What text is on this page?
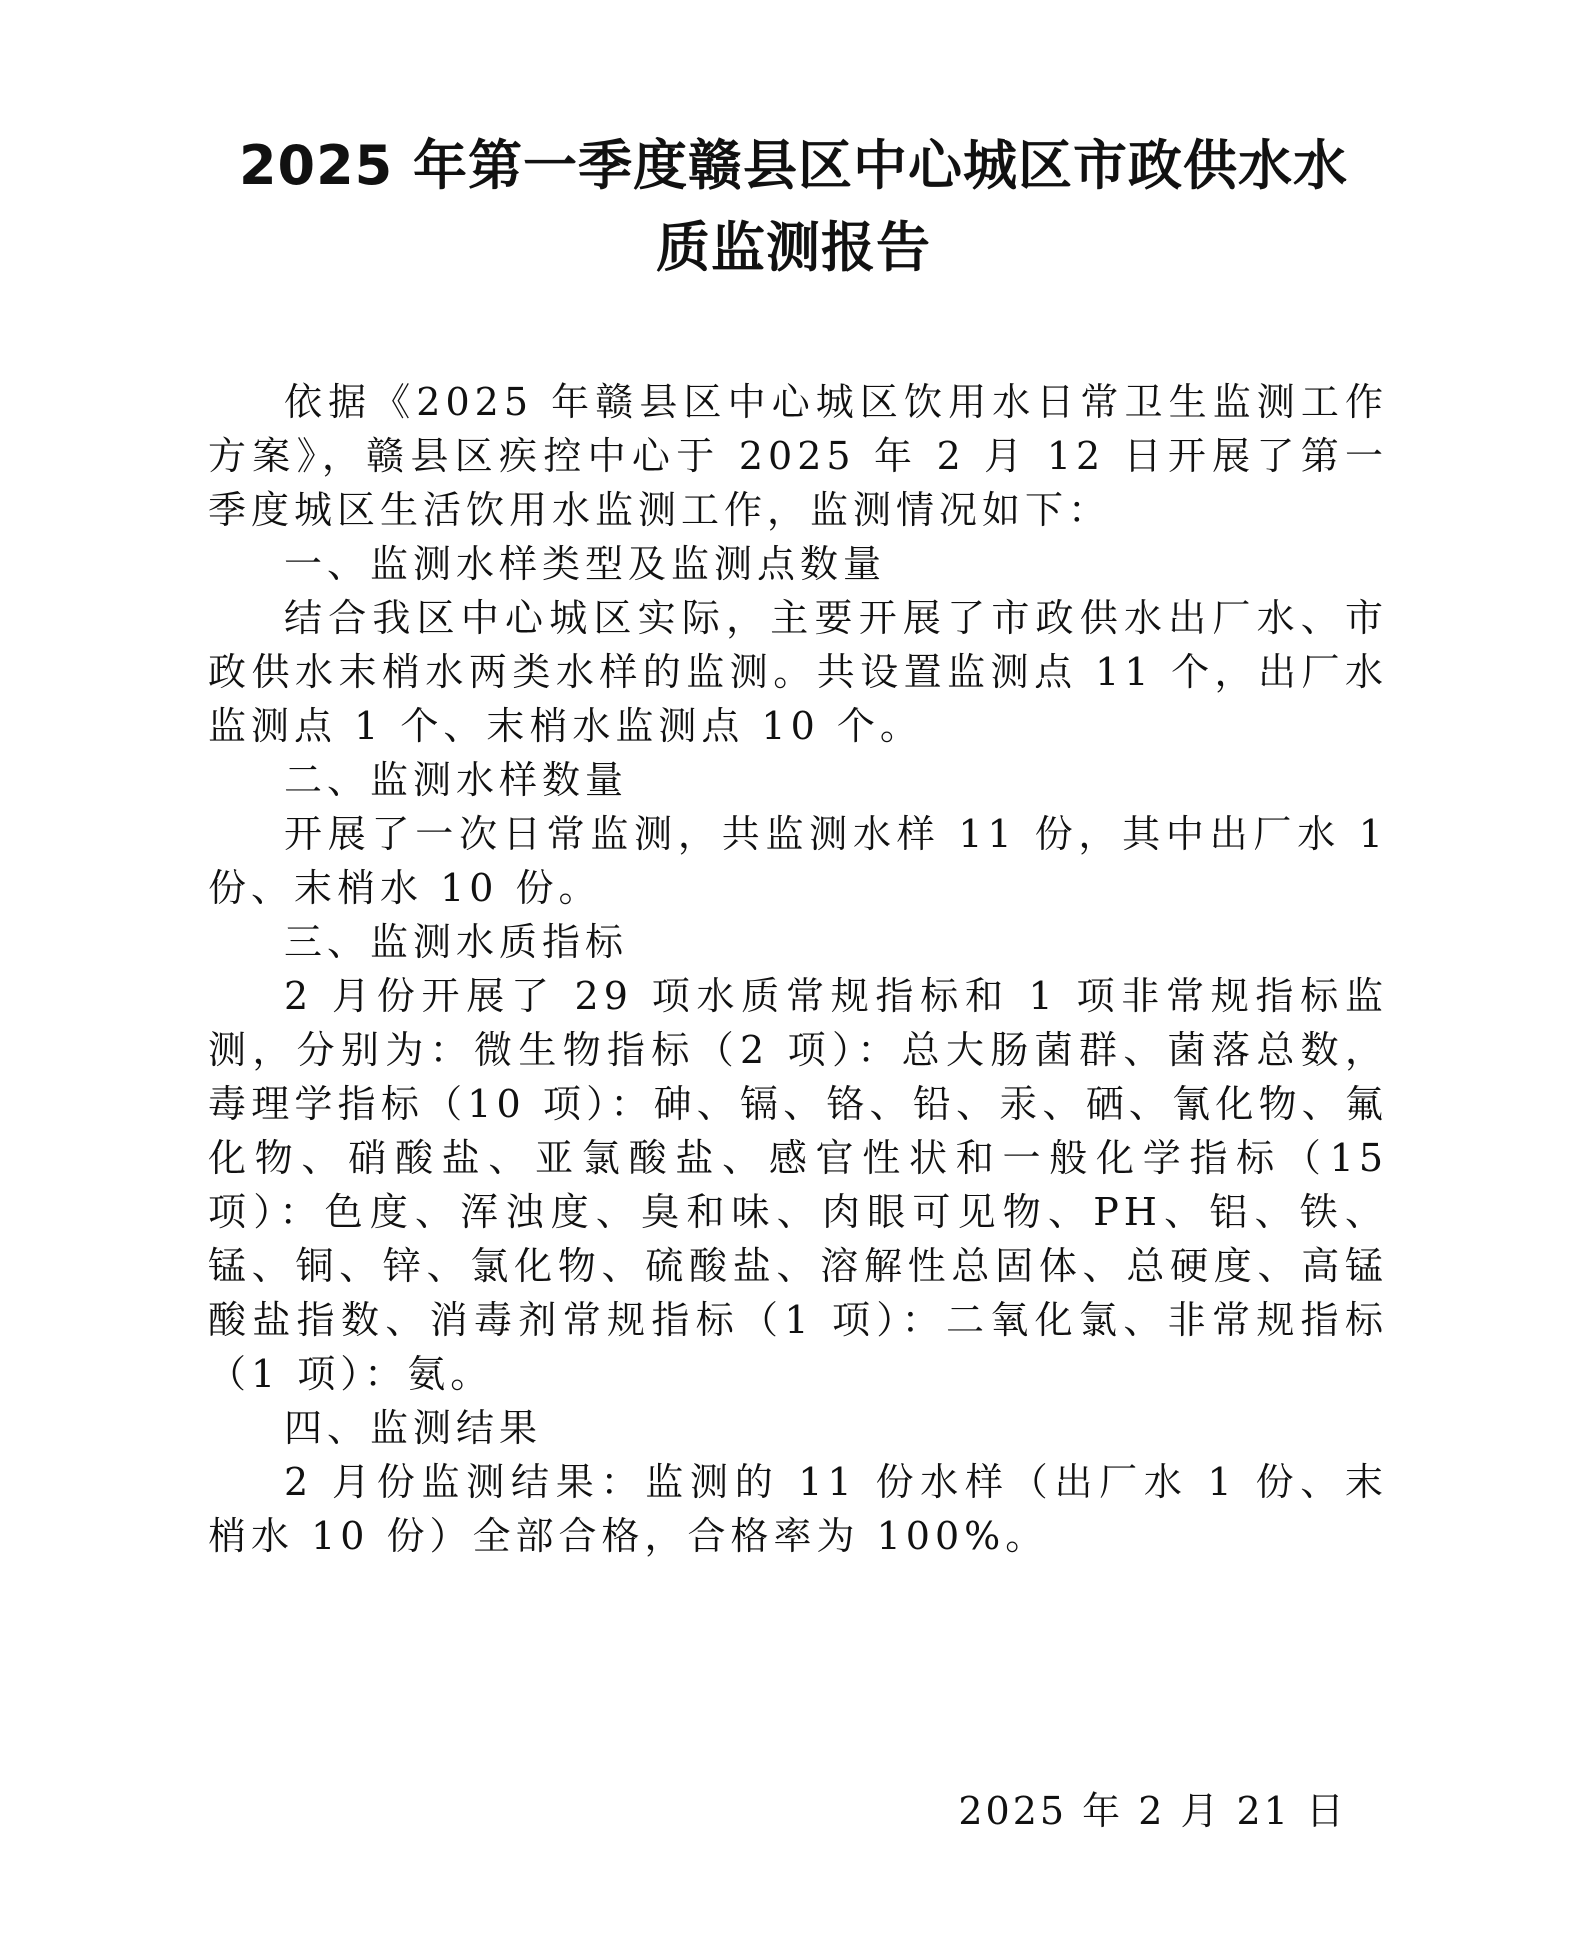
2025 年第一季度赣县区中心城区市政供水水
质监测报告

依据《2025 年赣县区中心城区饮用水日常卫生监测工作方案》，赣县区疾控中心于 2025 年 2 月 12 日开展了第一季度城区生活饮用水监测工作，监测情况如下：

一、监测水样类型及监测点数量

结合我区中心城区实际，主要开展了市政供水出厂水、市政供水末梢水两类水样的监测。共设置监测点 11 个，出厂水监测点 1 个、末梢水监测点 10 个。

二、监测水样数量

开展了一次日常监测，共监测水样 11 份，其中出厂水 1 份、末梢水 10 份。

三、监测水质指标

2 月份开展了 29 项水质常规指标和 1 项非常规指标监测，分别为：微生物指标（2 项）：总大肠菌群、菌落总数，毒理学指标（10 项）：砷、镉、铬、铅、汞、硒、氰化物、氟化物、硝酸盐、亚氯酸盐、感官性状和一般化学指标（15 项）：色度、浑浊度、臭和味、肉眼可见物、PH、铝、铁、锰、铜、锌、氯化物、硫酸盐、溶解性总固体、总硬度、高锰酸盐指数、消毒剂常规指标（1 项）：二氧化氯、非常规指标（1 项）：氨。

四、监测结果

2 月份监测结果：监测的 11 份水样（出厂水 1 份、末梢水 10 份）全部合格，合格率为 100%。

2025 年 2 月 21 日
